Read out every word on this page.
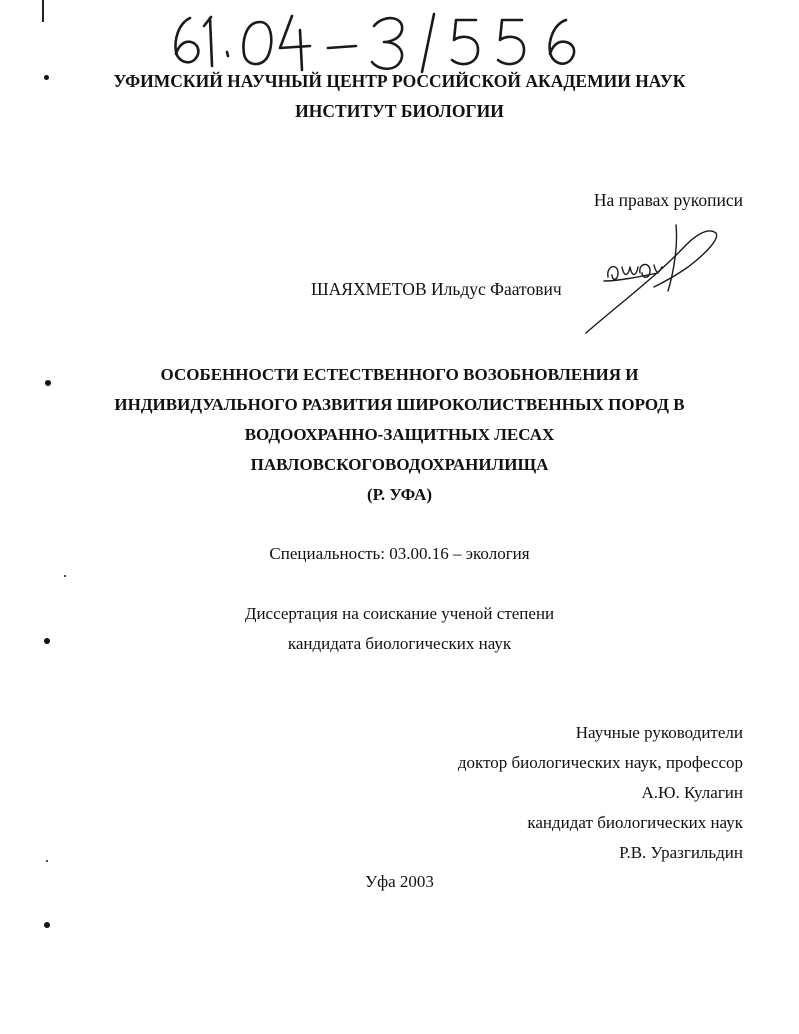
УФИМСКИЙ НАУЧНЫЙ ЦЕНТР РОССИЙСКОЙ АКАДЕМИИ НАУК
ИНСТИТУТ БИОЛОГИИ
На правах рукописи
ШАЯХМЕТОВ Ильдус Фаатович
ОСОБЕННОСТИ ЕСТЕСТВЕННОГО ВОЗОБНОВЛЕНИЯ И
ИНДИВИДУАЛЬНОГО РАЗВИТИЯ ШИРОКОЛИСТВЕННЫХ ПОРОД В
ВОДООХРАННО-ЗАЩИТНЫХ ЛЕСАХ
ПАВЛОВСКОГОВОДОХРАНИЛИЩА
(Р. УФА)
Специальность: 03.00.16 – экология
Диссертация на соискание ученой степени
кандидата биологических наук
Научные руководители
доктор биологических наук, профессор
А.Ю. Кулагин
кандидат биологических наук
Р.В. Уразгильдин
Уфа 2003
